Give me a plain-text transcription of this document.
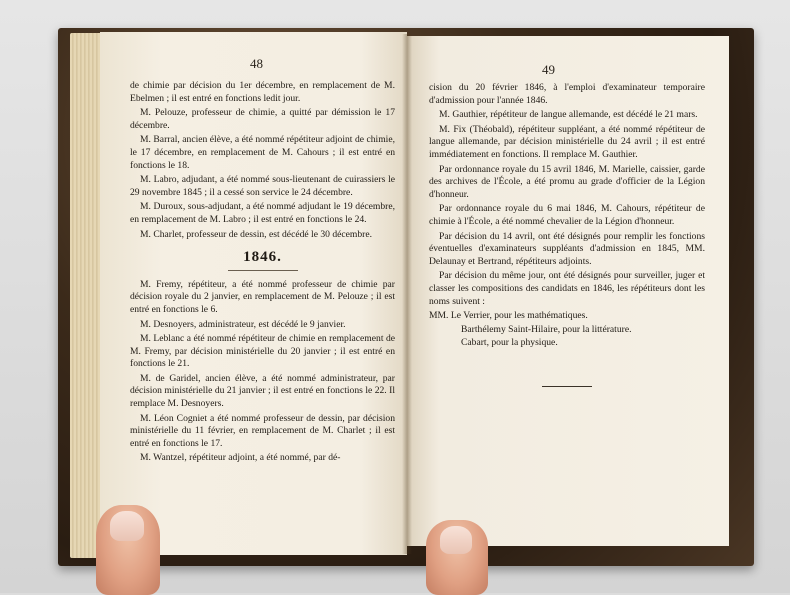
48

de chimie par décision du 1er décembre, en remplacement de M. Ebelmen ; il est entré en fonctions ledit jour.

M. Pelouze, professeur de chimie, a quitté par démission le 17 décembre.

M. Barral, ancien élève, a été nommé répétiteur adjoint de chimie, le 17 décembre, en remplacement de M. Cahours ; il est entré en fonctions le 18.

M. Labro, adjudant, a été nommé sous-lieutenant de cuirassiers le 29 novembre 1845 ; il a cessé son service le 24 décembre.

M. Duroux, sous-adjudant, a été nommé adjudant le 19 décembre, en remplacement de M. Labro ; il est entré en fonctions le 24.

M. Charlet, professeur de dessin, est décédé le 30 décembre.

1846.

M. Fremy, répétiteur, a été nommé professeur de chimie par décision royale du 2 janvier, en remplacement de M. Pelouze ; il est entré en fonctions le 6.

M. Desnoyers, administrateur, est décédé le 9 janvier.

M. Leblanc a été nommé répétiteur de chimie en remplacement de M. Fremy, par décision ministérielle du 20 janvier ; il est entré en fonctions le 21.

M. de Garidel, ancien élève, a été nommé administrateur, par décision ministérielle du 21 janvier ; il est entré en fonctions le 22. Il remplace M. Desnoyers.

M. Léon Cogniet a été nommé professeur de dessin, par décision ministérielle du 11 février, en remplacement de M. Charlet ; il est entré en fonctions le 17.

M. Wantzel, répétiteur adjoint, a été nommé, par dé-

49

cision du 20 février 1846, à l'emploi d'examinateur temporaire d'admission pour l'année 1846.

M. Gauthier, répétiteur de langue allemande, est décédé le 21 mars.

M. Fix (Théobald), répétiteur suppléant, a été nommé répétiteur de langue allemande, par décision ministérielle du 24 avril ; il est entré immédiatement en fonctions. Il remplace M. Gauthier.

Par ordonnance royale du 15 avril 1846, M. Marielle, caissier, garde des archives de l'École, a été promu au grade d'officier de la Légion d'honneur.

Par ordonnance royale du 6 mai 1846, M. Cahours, répétiteur de chimie à l'École, a été nommé chevalier de la Légion d'honneur.

Par décision du 14 avril, ont été désignés pour remplir les fonctions éventuelles d'examinateurs suppléants d'admission en 1845, MM. Delaunay et Bertrand, répétiteurs adjoints.

Par décision du même jour, ont été désignés pour surveiller, juger et classer les compositions des candidats en 1846, les répétiteurs dont les noms suivent :

MM. Le Verrier, pour les mathématiques.

Barthélemy Saint-Hilaire, pour la littérature.

Cabart, pour la physique.
